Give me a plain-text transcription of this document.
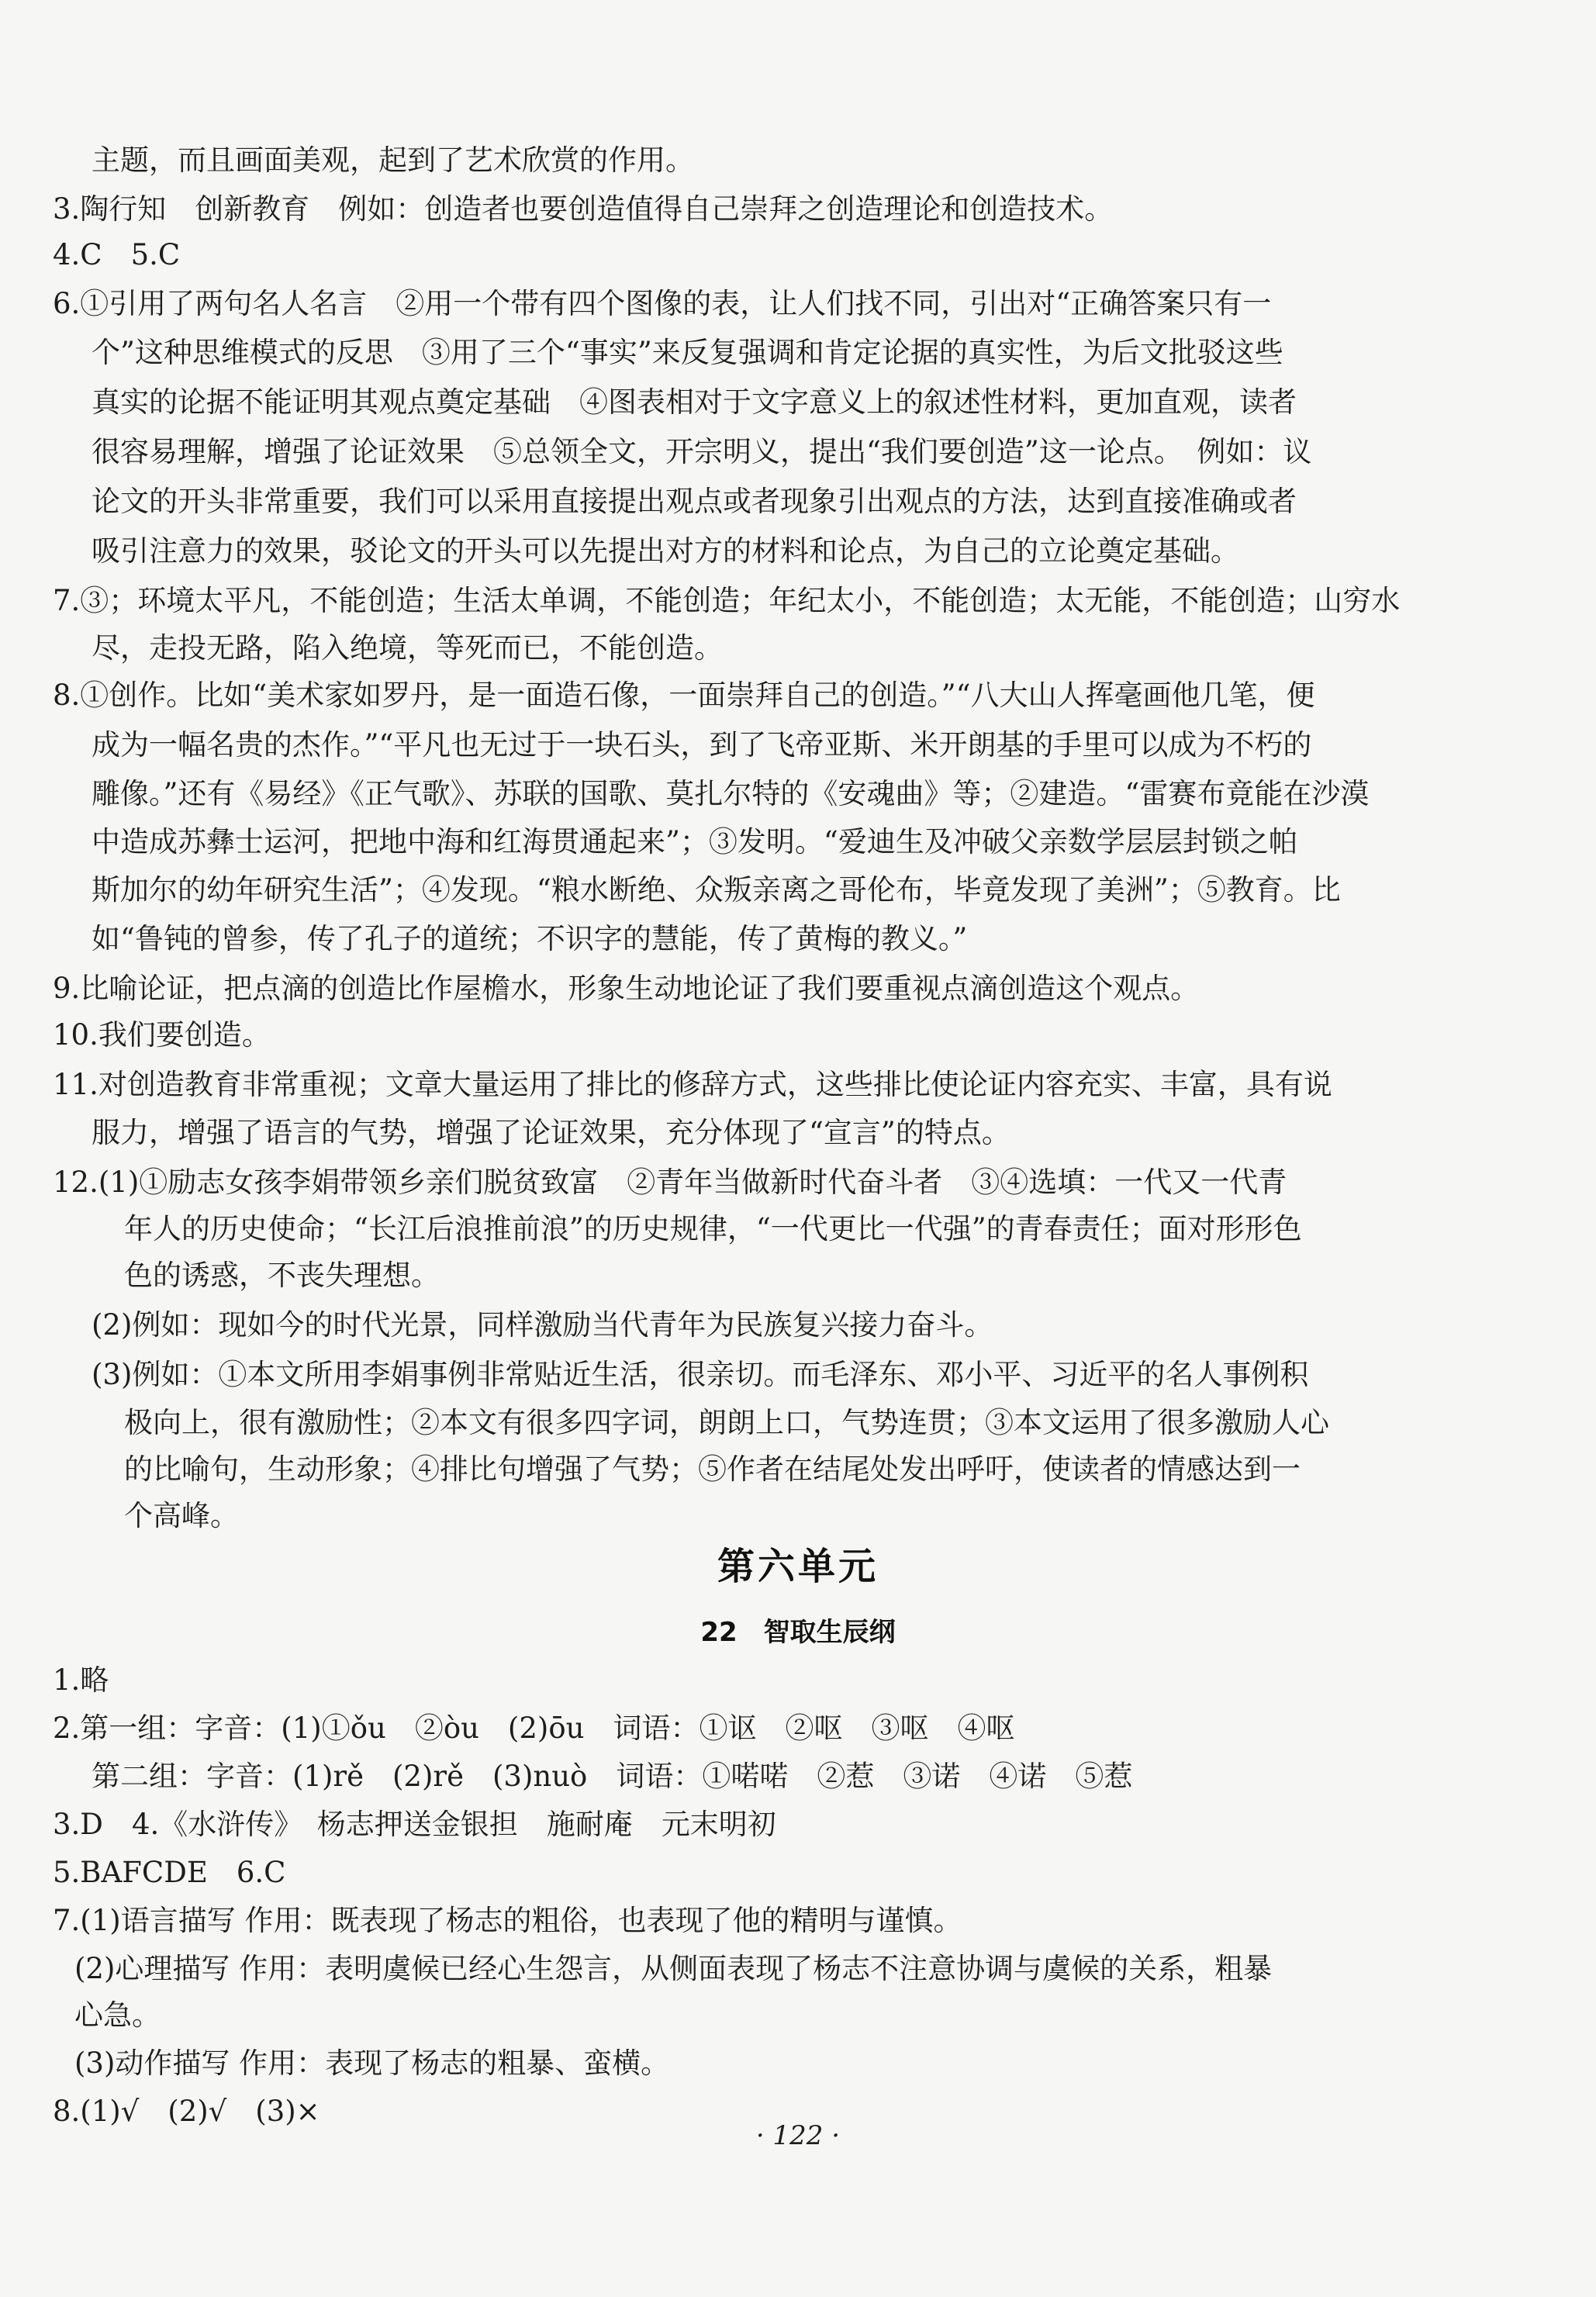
主题，而且画面美观，起到了艺术欣赏的作用。
3.陶行知　创新教育　例如：创造者也要创造值得自己崇拜之创造理论和创造技术。
4.C　5.C
6.①引用了两句名人名言　②用一个带有四个图像的表，让人们找不同，引出对“正确答案只有一
个”这种思维模式的反思　③用了三个“事实”来反复强调和肯定论据的真实性，为后文批驳这些
真实的论据不能证明其观点奠定基础　④图表相对于文字意义上的叙述性材料，更加直观，读者
很容易理解，增强了论证效果　⑤总领全文，开宗明义，提出“我们要创造”这一论点。　例如：议
论文的开头非常重要，我们可以采用直接提出观点或者现象引出观点的方法，达到直接准确或者
吸引注意力的效果，驳论文的开头可以先提出对方的材料和论点，为自己的立论奠定基础。
7.③；环境太平凡，不能创造；生活太单调，不能创造；年纪太小，不能创造；太无能，不能创造；山穷水
尽，走投无路，陷入绝境，等死而已，不能创造。
8.①创作。比如“美术家如罗丹，是一面造石像，一面崇拜自己的创造。”“八大山人挥毫画他几笔，便
成为一幅名贵的杰作。”“平凡也无过于一块石头，到了飞帝亚斯、米开朗基的手里可以成为不朽的
雕像。”还有《易经》《正气歌》、苏联的国歌、莫扎尔特的《安魂曲》等；②建造。“雷赛布竟能在沙漠
中造成苏彝士运河，把地中海和红海贯通起来”；③发明。“爱迪生及冲破父亲数学层层封锁之帕
斯加尔的幼年研究生活”；④发现。“粮水断绝、众叛亲离之哥伦布，毕竟发现了美洲”；⑤教育。比
如“鲁钝的曾参，传了孔子的道统；不识字的慧能，传了黄梅的教义。”
9.比喻论证，把点滴的创造比作屋檐水，形象生动地论证了我们要重视点滴创造这个观点。
10.我们要创造。
11.对创造教育非常重视；文章大量运用了排比的修辞方式，这些排比使论证内容充实、丰富，具有说
服力，增强了语言的气势，增强了论证效果，充分体现了“宣言”的特点。
12.(1)①励志女孩李娟带领乡亲们脱贫致富　②青年当做新时代奋斗者　③④选填：一代又一代青
年人的历史使命；“长江后浪推前浪”的历史规律，“一代更比一代强”的青春责任；面对形形色
色的诱惑，不丧失理想。
(2)例如：现如今的时代光景，同样激励当代青年为民族复兴接力奋斗。
(3)例如：①本文所用李娟事例非常贴近生活，很亲切。而毛泽东、邓小平、习近平的名人事例积
极向上，很有激励性；②本文有很多四字词，朗朗上口，气势连贯；③本文运用了很多激励人心
的比喻句，生动形象；④排比句增强了气势；⑤作者在结尾处发出呼吁，使读者的情感达到一
个高峰。
第六单元
22　智取生辰纲
1.略
2.第一组：字音：(1)①ǒu　②òu　(2)ōu　词语：①讴　②呕　③呕　④呕
第二组：字音：(1)rě　(2)rě　(3)nuò　词语：①喏喏　②惹　③诺　④诺　⑤惹
3.D　4.《水浒传》　杨志押送金银担　施耐庵　元末明初
5.BAFCDE　6.C
7.(1)语言描写 作用：既表现了杨志的粗俗，也表现了他的精明与谨慎。
(2)心理描写 作用：表明虞候已经心生怨言，从侧面表现了杨志不注意协调与虞候的关系，粗暴
心急。
(3)动作描写 作用：表现了杨志的粗暴、蛮横。
8.(1)√　(2)√　(3)×
· 122 ·
